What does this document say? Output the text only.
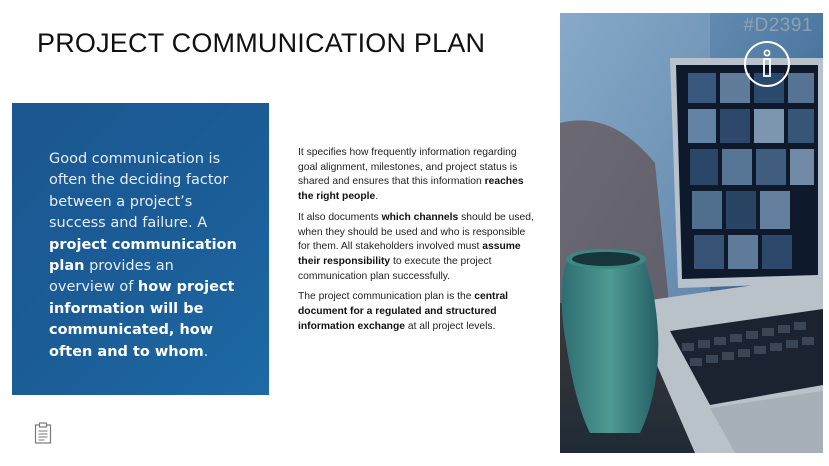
PROJECT COMMUNICATION PLAN
Good communication is often the deciding factor between a project’s success and failure. A project communication plan provides an overview of how project information will be communicated, how often and to whom.

It specifies how frequently information regarding goal alignment, milestones, and project status is shared and ensures that this information reaches the right people.

It also documents which channels should be used, when they should be used and who is responsible for them. All stakeholders involved must assume their responsibility to execute the project communication plan successfully.

The project communication plan is the central document for a regulated and structured information exchange at all project levels.

#D2391
